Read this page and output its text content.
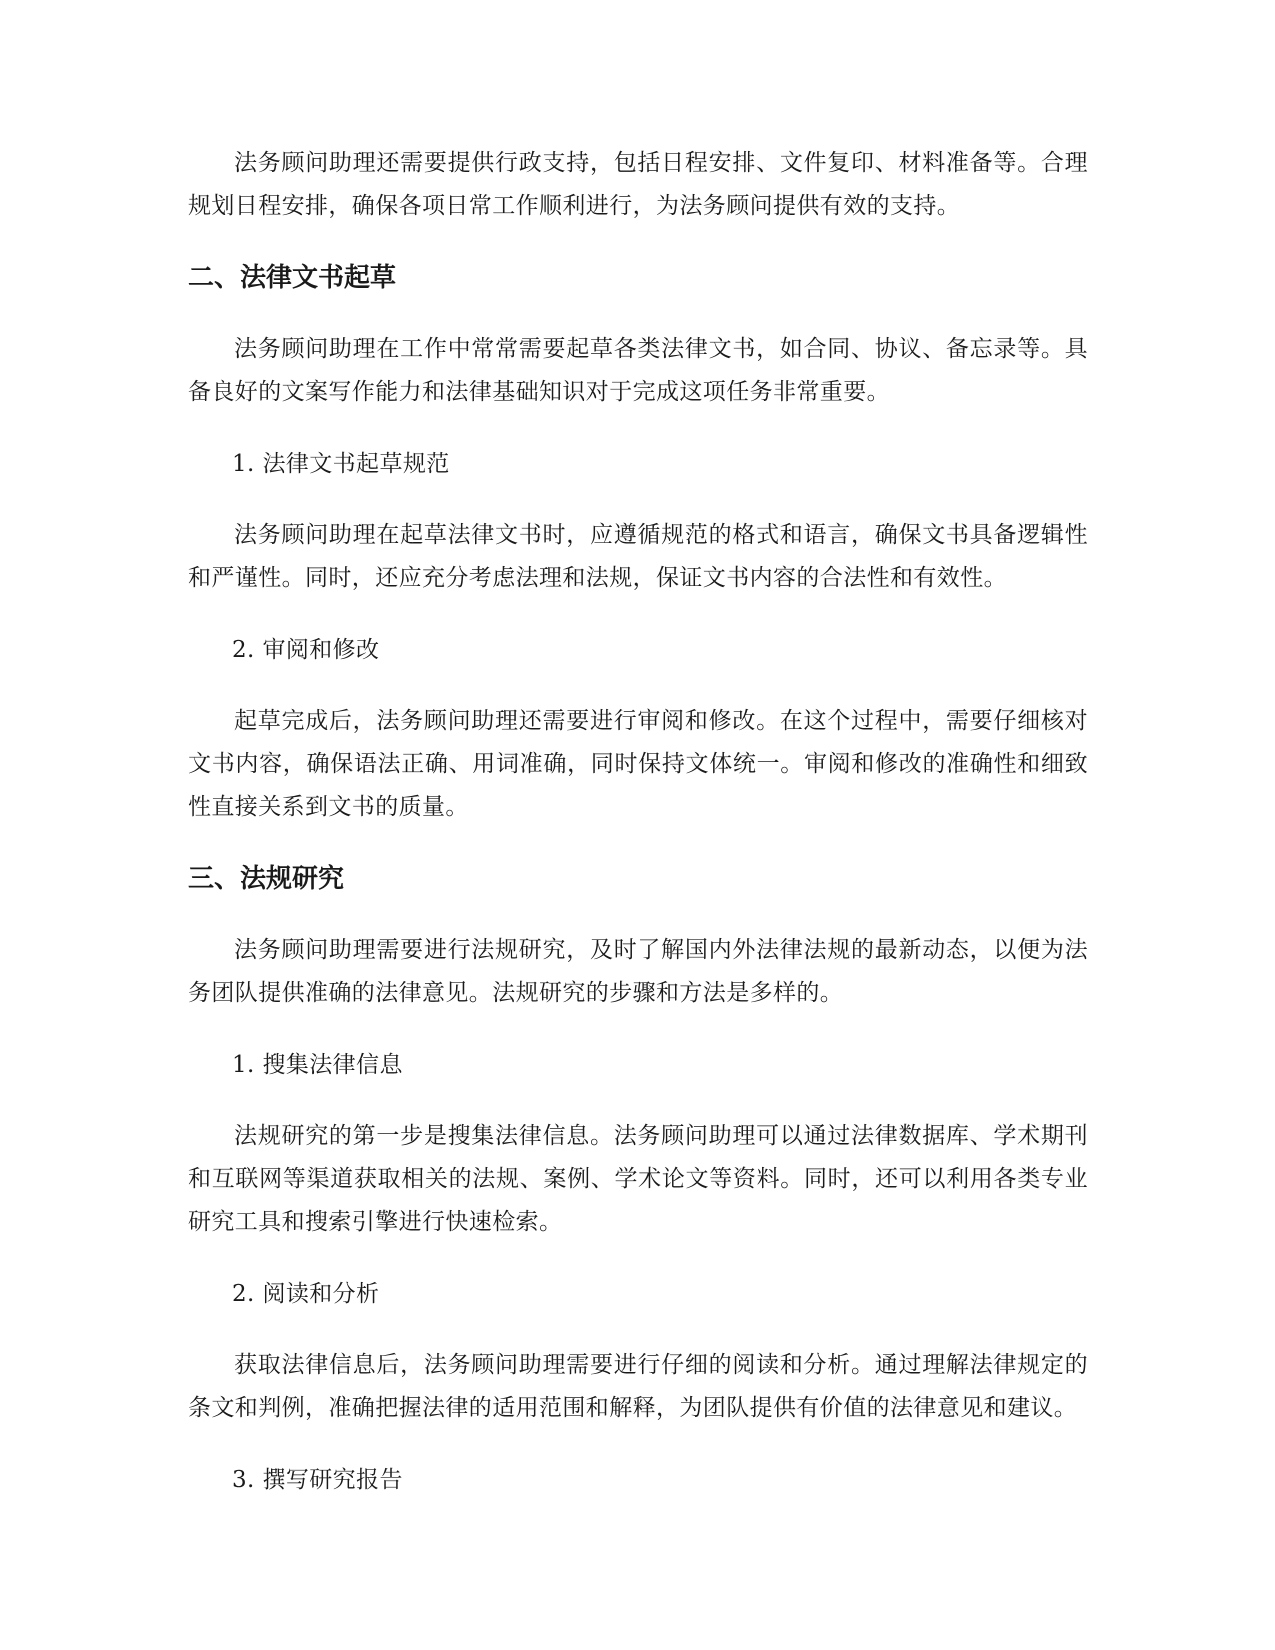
法务顾问助理还需要提供行政支持，包括日程安排、文件复印、材料准备等。合理规划日程安排，确保各项日常工作顺利进行，为法务顾问提供有效的支持。

二、法律文书起草

法务顾问助理在工作中常常需要起草各类法律文书，如合同、协议、备忘录等。具备良好的文案写作能力和法律基础知识对于完成这项任务非常重要。

1. 法律文书起草规范

法务顾问助理在起草法律文书时，应遵循规范的格式和语言，确保文书具备逻辑性和严谨性。同时，还应充分考虑法理和法规，保证文书内容的合法性和有效性。

2. 审阅和修改

起草完成后，法务顾问助理还需要进行审阅和修改。在这个过程中，需要仔细核对文书内容，确保语法正确、用词准确，同时保持文体统一。审阅和修改的准确性和细致性直接关系到文书的质量。

三、法规研究

法务顾问助理需要进行法规研究，及时了解国内外法律法规的最新动态，以便为法务团队提供准确的法律意见。法规研究的步骤和方法是多样的。

1. 搜集法律信息

法规研究的第一步是搜集法律信息。法务顾问助理可以通过法律数据库、学术期刊和互联网等渠道获取相关的法规、案例、学术论文等资料。同时，还可以利用各类专业研究工具和搜索引擎进行快速检索。

2. 阅读和分析

获取法律信息后，法务顾问助理需要进行仔细的阅读和分析。通过理解法律规定的条文和判例，准确把握法律的适用范围和解释，为团队提供有价值的法律意见和建议。

3. 撰写研究报告
